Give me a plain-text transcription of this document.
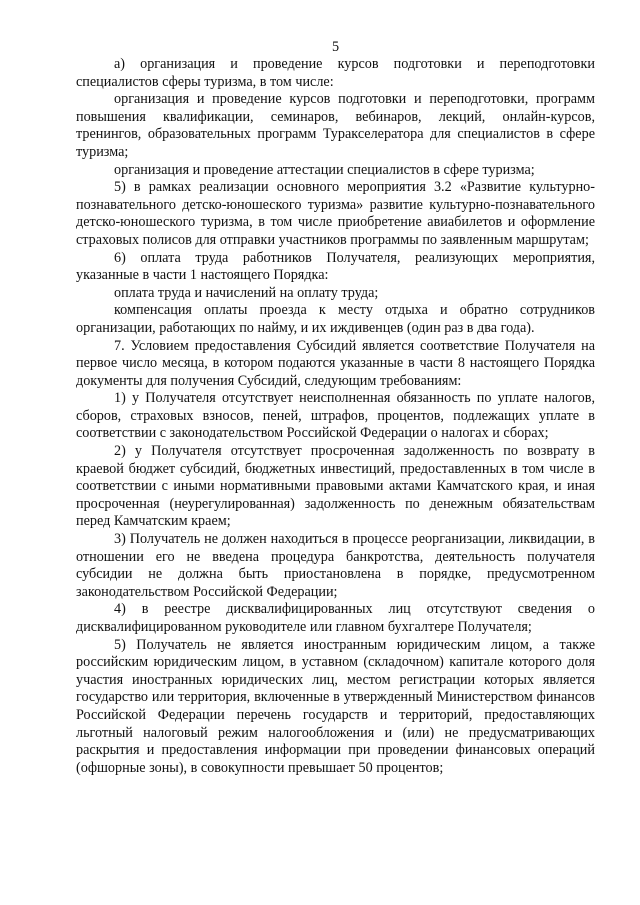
5

а) организация и проведение курсов подготовки и переподготовки специалистов сферы туризма, в том числе:

организация и проведение курсов подготовки и переподготовки, программ повышения квалификации, семинаров, вебинаров, лекций, онлайн-курсов, тренингов, образовательных программ Туракселератора для специалистов в сфере туризма;

организация и проведение аттестации специалистов в сфере туризма;

5) в рамках реализации основного мероприятия 3.2 «Развитие культурно-познавательного детско-юношеского туризма» развитие культурно-познавательного детско-юношеского туризма, в том числе приобретение авиабилетов и оформление страховых полисов для отправки участников программы по заявленным маршрутам;

6) оплата труда работников Получателя, реализующих мероприятия, указанные в части 1 настоящего Порядка:

оплата труда и начислений на оплату труда;

компенсация оплаты проезда к месту отдыха и обратно сотрудников организации, работающих по найму, и их иждивенцев (один раз в два года).

7. Условием предоставления Субсидий является соответствие Получателя на первое число месяца, в котором подаются указанные в части 8 настоящего Порядка документы для получения Субсидий, следующим требованиям:

1) у Получателя отсутствует неисполненная обязанность по уплате налогов, сборов, страховых взносов, пеней, штрафов, процентов, подлежащих уплате в соответствии с законодательством Российской Федерации о налогах и сборах;

2) у Получателя отсутствует просроченная задолженность по возврату в краевой бюджет субсидий, бюджетных инвестиций, предоставленных в том числе в соответствии с иными нормативными правовыми актами Камчатского края, и иная просроченная (неурегулированная) задолженность по денежным обязательствам перед Камчатским краем;

3) Получатель не должен находиться в процессе реорганизации, ликвидации, в отношении его не введена процедура банкротства, деятельность получателя субсидии не должна быть приостановлена в порядке, предусмотренном законодательством Российской Федерации;

4) в реестре дисквалифицированных лиц отсутствуют сведения о дисквалифицированном руководителе или главном бухгалтере Получателя;

5) Получатель не является иностранным юридическим лицом, а также российским юридическим лицом, в уставном (складочном) капитале которого доля участия иностранных юридических лиц, местом регистрации которых является государство или территория, включенные в утвержденный Министерством финансов Российской Федерации перечень государств и территорий, предоставляющих льготный налоговый режим налогообложения и (или) не предусматривающих раскрытия и предоставления информации при проведении финансовых операций (офшорные зоны), в совокупности превышает 50 процентов;
